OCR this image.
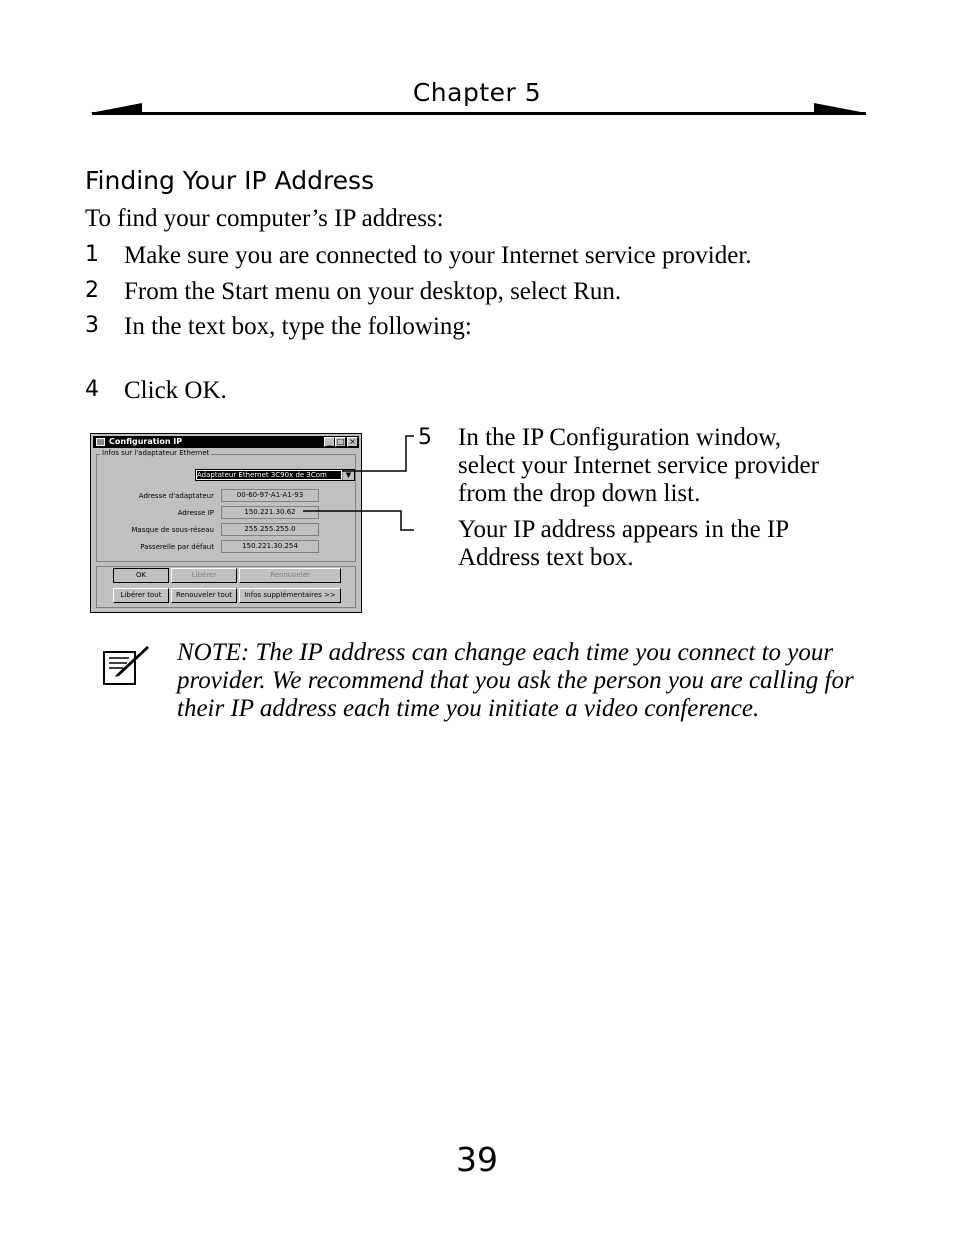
Chapter 5
Finding Your IP Address
To find your computer’s IP address:
1 Make sure you are connected to your Internet service provider.
2 From the Start menu on your desktop, select Run.
3 In the text box, type the following:
4 Click OK.
Configuration IP	_ □ ×
Infos sur l'adaptateur Ethernet
Adaptateur Ethernet 3C90x de 3Com	▼
Adresse d'adaptateur	00-60-97-A1-A1-93
Adresse IP	150.221.30.62
Masque de sous-réseau	255.255.255.0
Passerelle par défaut	150.221.30.254
OK	Libérer	Renouveler
Libérer tout	Renouveler tout	Infos supplémentaires >>
5 In the IP Configuration window,
select your Internet service provider
from the drop down list.
Your IP address appears in the IP
Address text box.
NOTE: The IP address can change each time you connect to your
provider. We recommend that you ask the person you are calling for
their IP address each time you initiate a video conference.
39
